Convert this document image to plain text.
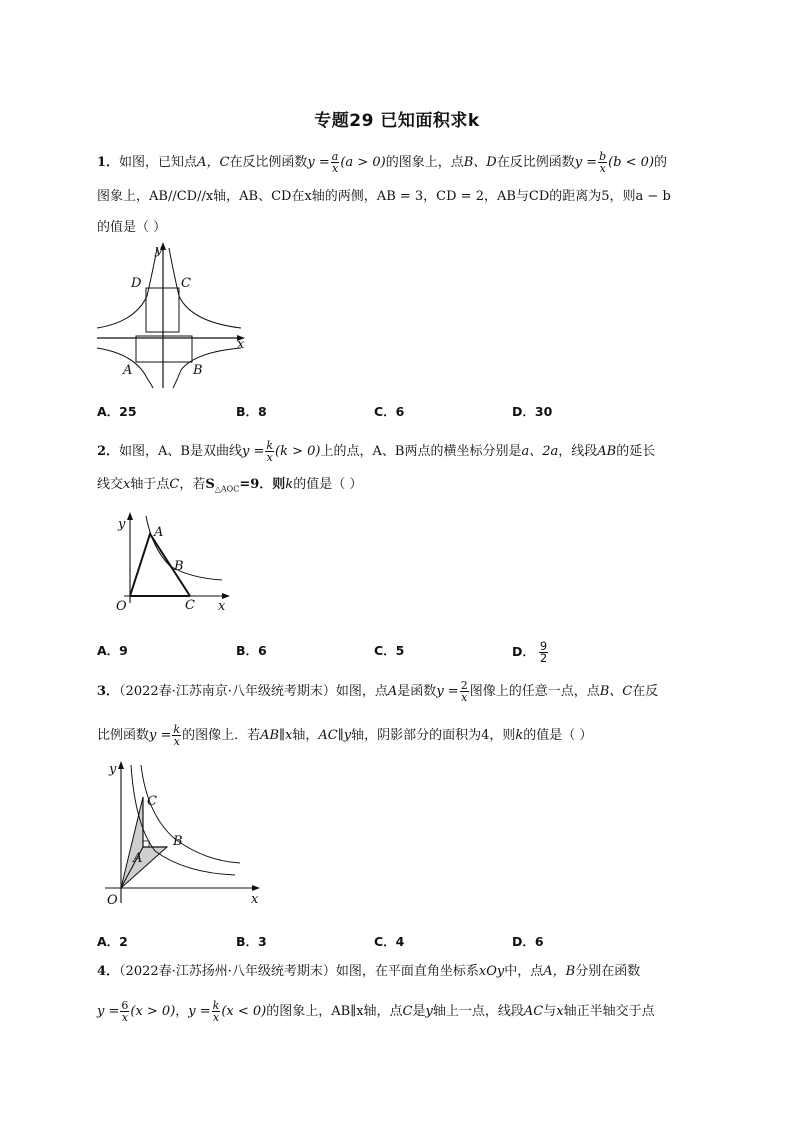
专题29 已知面积求k
1．如图，已知点A，C在反比例函数$y = \frac{a}{x} (a > 0)$的图象上，点B、D在反比例函数$y = \frac{b}{x} (b < 0)$的
图象上，AB//CD//x轴，AB、CD在x轴的两侧，AB = 3，CD = 2，AB与CD的距离为5，则a − b
的值是（ ）
y
x
D	C
A	B
A．25	B．8	C．6	D．30
2．如图，A、B是双曲线$y = \frac{k}{x} (k > 0)$上的点，A、B两点的横坐标分别是a、2a，线段AB的延长
线交x轴于点C，若$S_{\triangle AOC}=9$．则k的值是（ ）
y
x
A
B
C
O
A．9	B．6	C．5	D． $\frac{9}{2}$
3．（2022春·江苏南京·八年级统考期末）如图，点A是函数$y = \frac{2}{x}$ 图像上的任意一点，点B、C在反
比例函数$y = \frac{k}{x}$ 的图像上．若AB∥x轴，AC∥y轴，阴影部分的面积为4，则k的值是（ ）
y
x
C
B
A
O
A．2	B．3	C．4	D．6
4．（2022春·江苏扬州·八年级统考期末）如图，在平面直角坐标系xOy中，点A，B分别在函数
$y = \frac{6}{x} (x > 0)$，$y = \frac{k}{x} (x < 0)$的图象上，AB∥x轴，点C是y轴上一点，线段AC与x轴正半轴交于点
